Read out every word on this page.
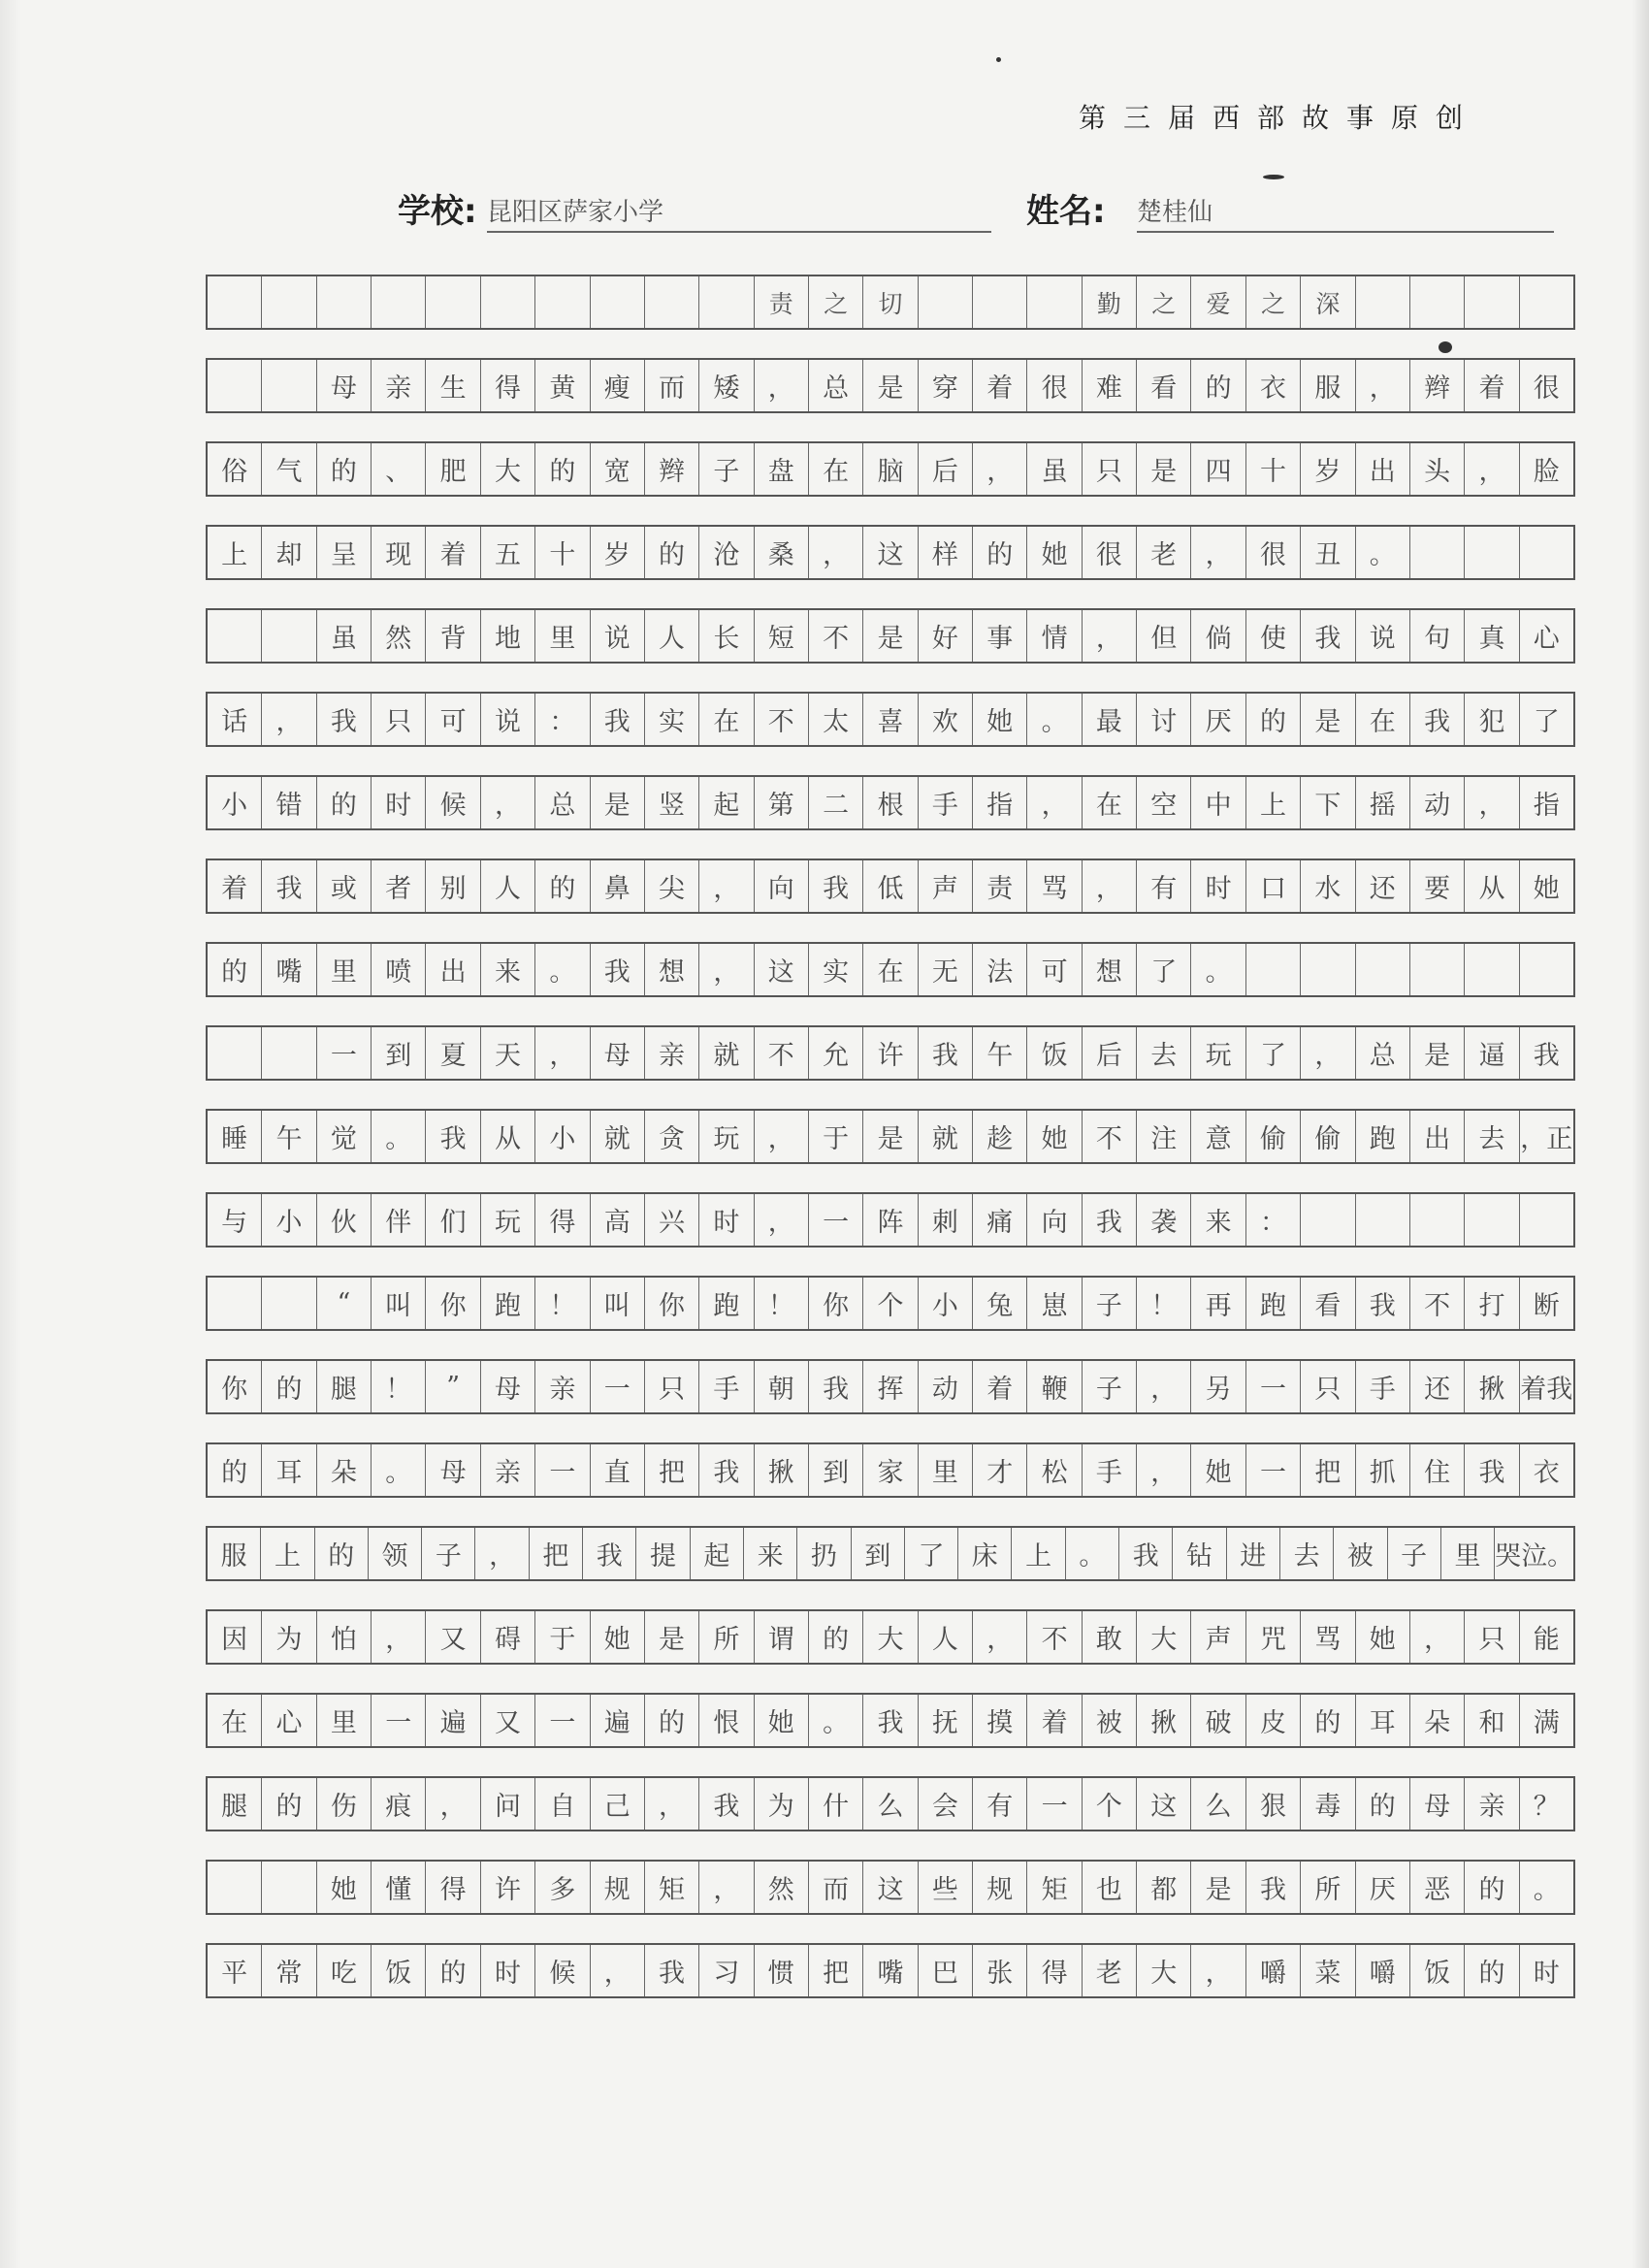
第三届西部故事原创
学校: 昆阳区萨家小学	姓名: 楚桂仙
责	之	切	勤	之	爱	之	深
母	亲	生	得	黄	瘦	而	矮	，	总	是	穿	着	很	难	看	的	衣	服	，	辫	着	很
俗	气	的	、	肥	大	的	宽	辫	子	盘	在	脑	后	，	虽	只	是	四	十	岁	出	头	，	脸
上	却	呈	现	着	五	十	岁	的	沧	桑	，	这	样	的	她	很	老	，	很	丑	。
虽	然	背	地	里	说	人	长	短	不	是	好	事	情	，	但	倘	使	我	说	句	真	心
话	，	我	只	可	说	：	我	实	在	不	太	喜	欢	她	。	最	讨	厌	的	是	在	我	犯	了
小	错	的	时	候	，	总	是	竖	起	第	二	根	手	指	，	在	空	中	上	下	摇	动	，	指
着	我	或	者	别	人	的	鼻	尖	，	向	我	低	声	责	骂	，	有	时	口	水	还	要	从	她
的	嘴	里	喷	出	来	。	我	想	，	这	实	在	无	法	可	想	了	。
一	到	夏	天	，	母	亲	就	不	允	许	我	午	饭	后	去	玩	了	，	总	是	逼	我
睡	午	觉	。	我	从	小	就	贪	玩	，	于	是	就	趁	她	不	注	意	偷	偷	跑	出	去 ，正
与	小	伙	伴	们	玩	得	高	兴	时	，	一	阵	刺	痛	向	我	袭	来	：
“	叫	你	跑	！	叫	你	跑	！	你	个	小	兔	崽	子	！	再	跑	看	我	不	打	断
你	的	腿	！	”	母	亲	一	只	手	朝	我	挥	动	着	鞭	子	，	另	一	只	手	还	揪 着我
的	耳	朵	。	母	亲	一	直	把	我	揪	到	家	里	才	松	手	，	她	一	把	抓	住	我	衣
服	上	的	领	子	，	把	我	提	起	来	扔	到	了	床	上	。	我	钻	进	去	被	子	里 哭泣。
因	为	怕	，	又	碍	于	她	是	所	谓	的	大	人	，	不	敢	大	声	咒	骂	她	，	只	能
在	心	里	一	遍	又	一	遍	的	恨	她	。	我	抚	摸	着	被	揪	破	皮	的	耳	朵	和	满
腿	的	伤	痕	，	问	自	己	，	我	为	什	么	会	有	一	个	这	么	狠	毒	的	母	亲	？
她	懂	得	许	多	规	矩	，	然	而	这	些	规	矩	也	都	是	我	所	厌	恶	的	。
平	常	吃	饭	的	时	候	，	我	习	惯	把	嘴	巴	张	得	老	大	，	嚼	菜	嚼	饭	的	时
